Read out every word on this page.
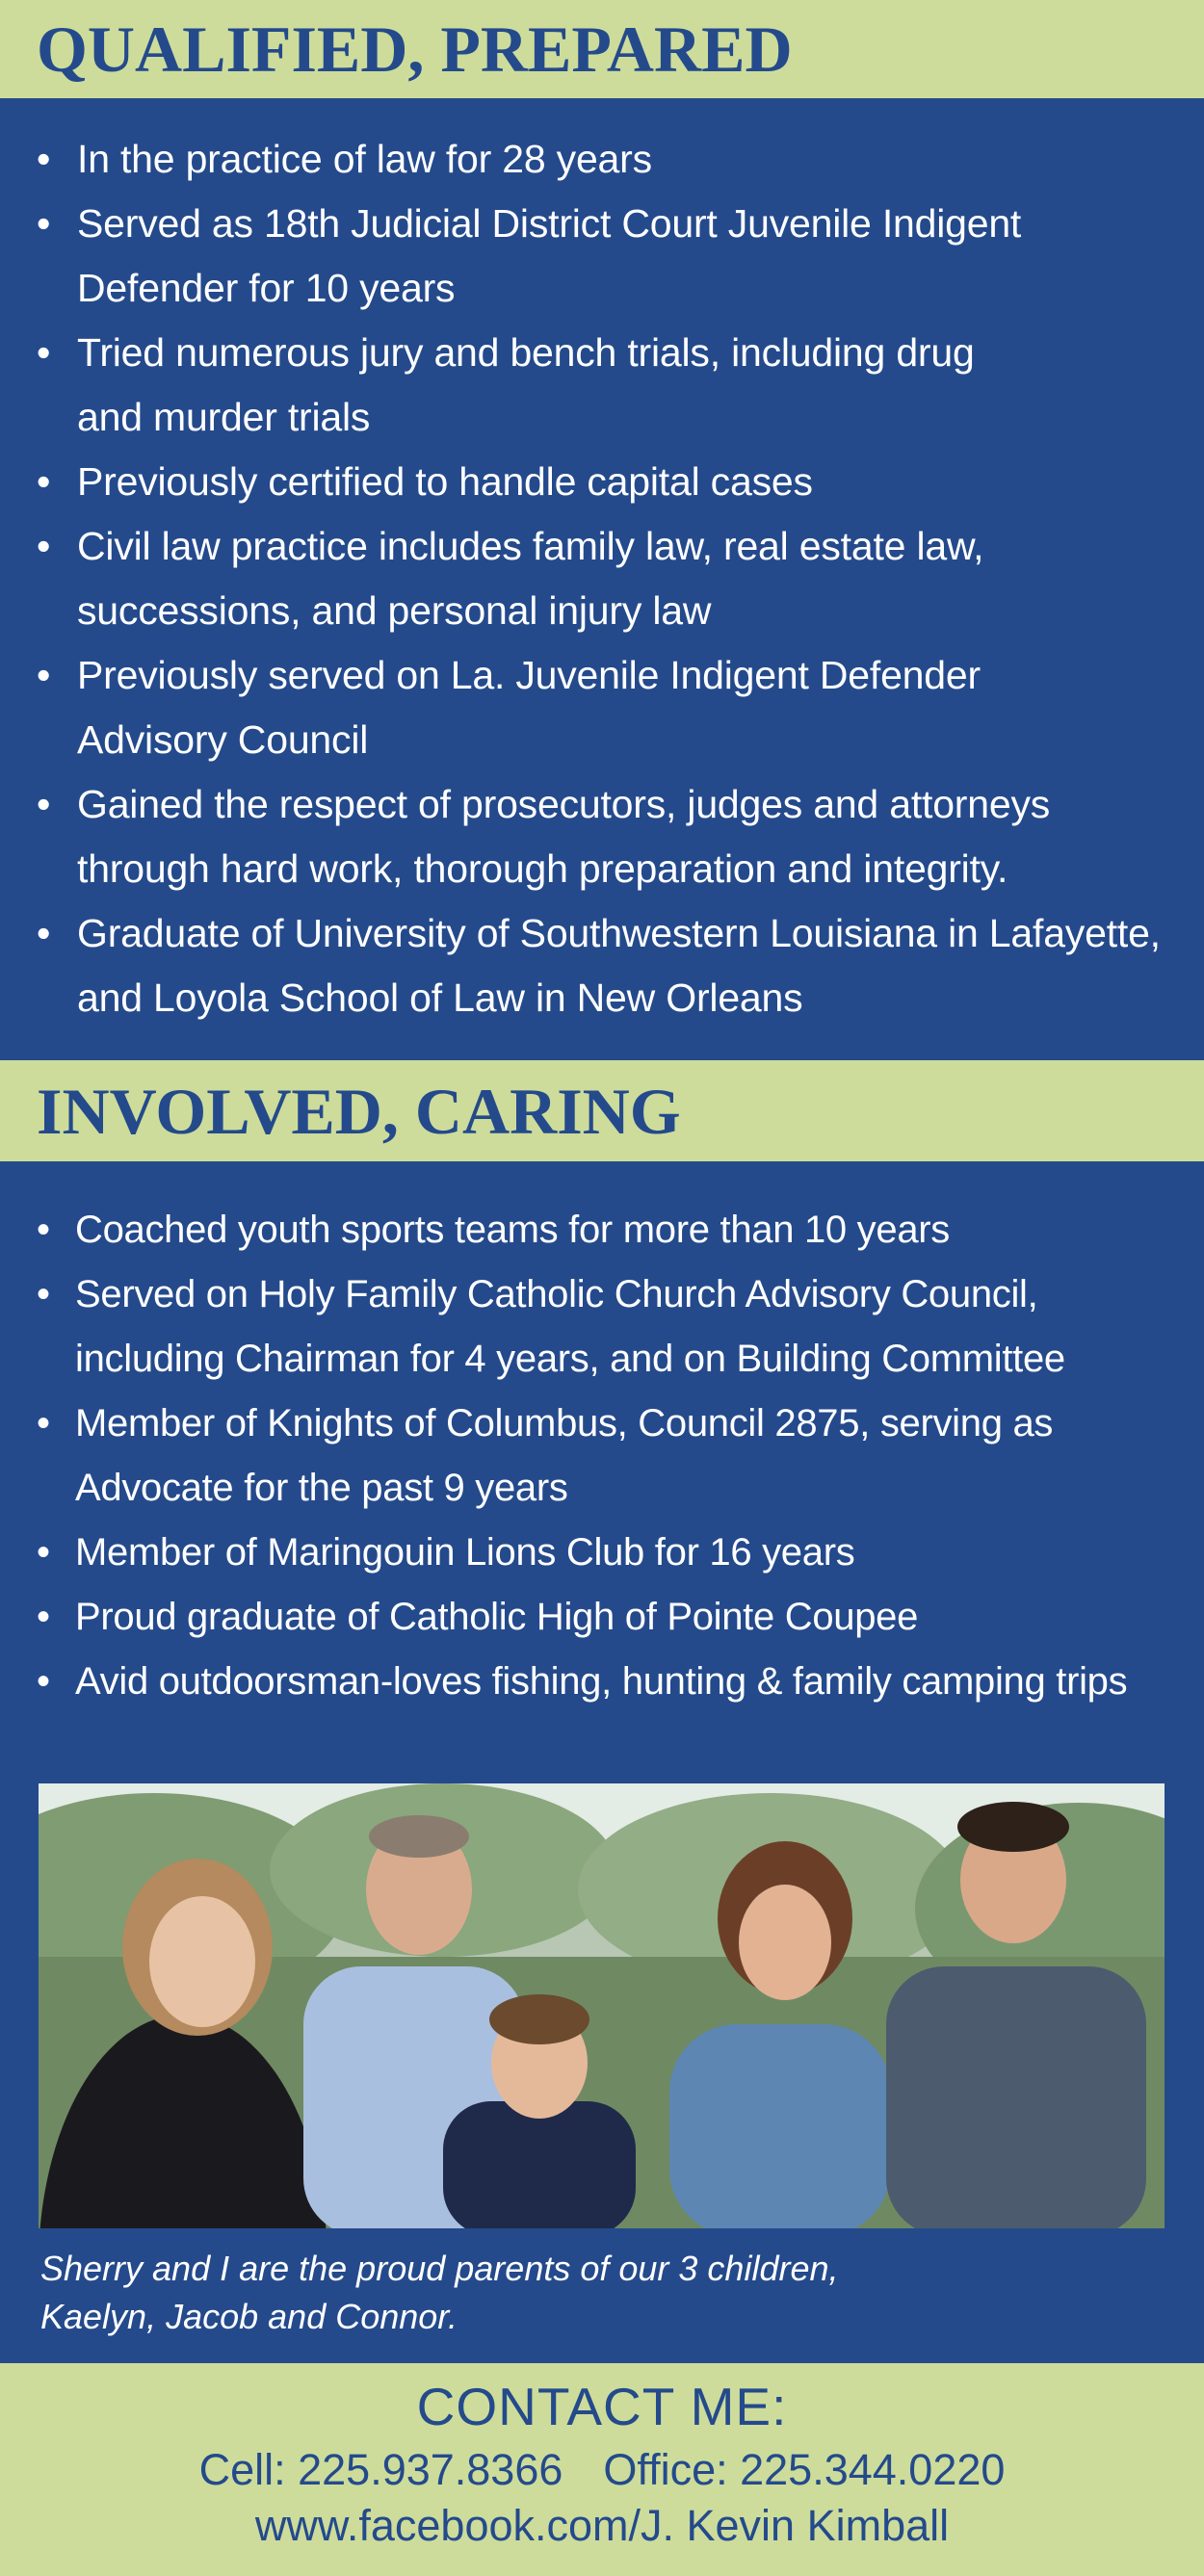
QUALIFIED, PREPARED
• In the practice of law for 28 years
• Served as 18th Judicial District Court Juvenile Indigent
Defender for 10 years
• Tried numerous jury and bench trials, including drug
and murder trials
• Previously certified to handle capital cases
• Civil law practice includes family law, real estate law,
successions, and personal injury law
• Previously served on La. Juvenile Indigent Defender
Advisory Council
• Gained the respect of prosecutors, judges and attorneys
through hard work, thorough preparation and integrity.
• Graduate of University of Southwestern Louisiana in Lafayette,
and Loyola School of Law in New Orleans
INVOLVED, CARING
• Coached youth sports teams for more than 10 years
• Served on Holy Family Catholic Church Advisory Council,
including Chairman for 4 years, and on Building Committee
• Member of Knights of Columbus, Council 2875, serving as
Advocate for the past 9 years
• Member of Maringouin Lions Club for 16 years
• Proud graduate of Catholic High of Pointe Coupee
• Avid outdoorsman-loves fishing, hunting & family camping trips
Sherry and I are the proud parents of our 3 children,
Kaelyn, Jacob and Connor.
CONTACT ME:
Cell: 225.937.8366 Office: 225.344.0220
www.facebook.com/J. Kevin Kimball
